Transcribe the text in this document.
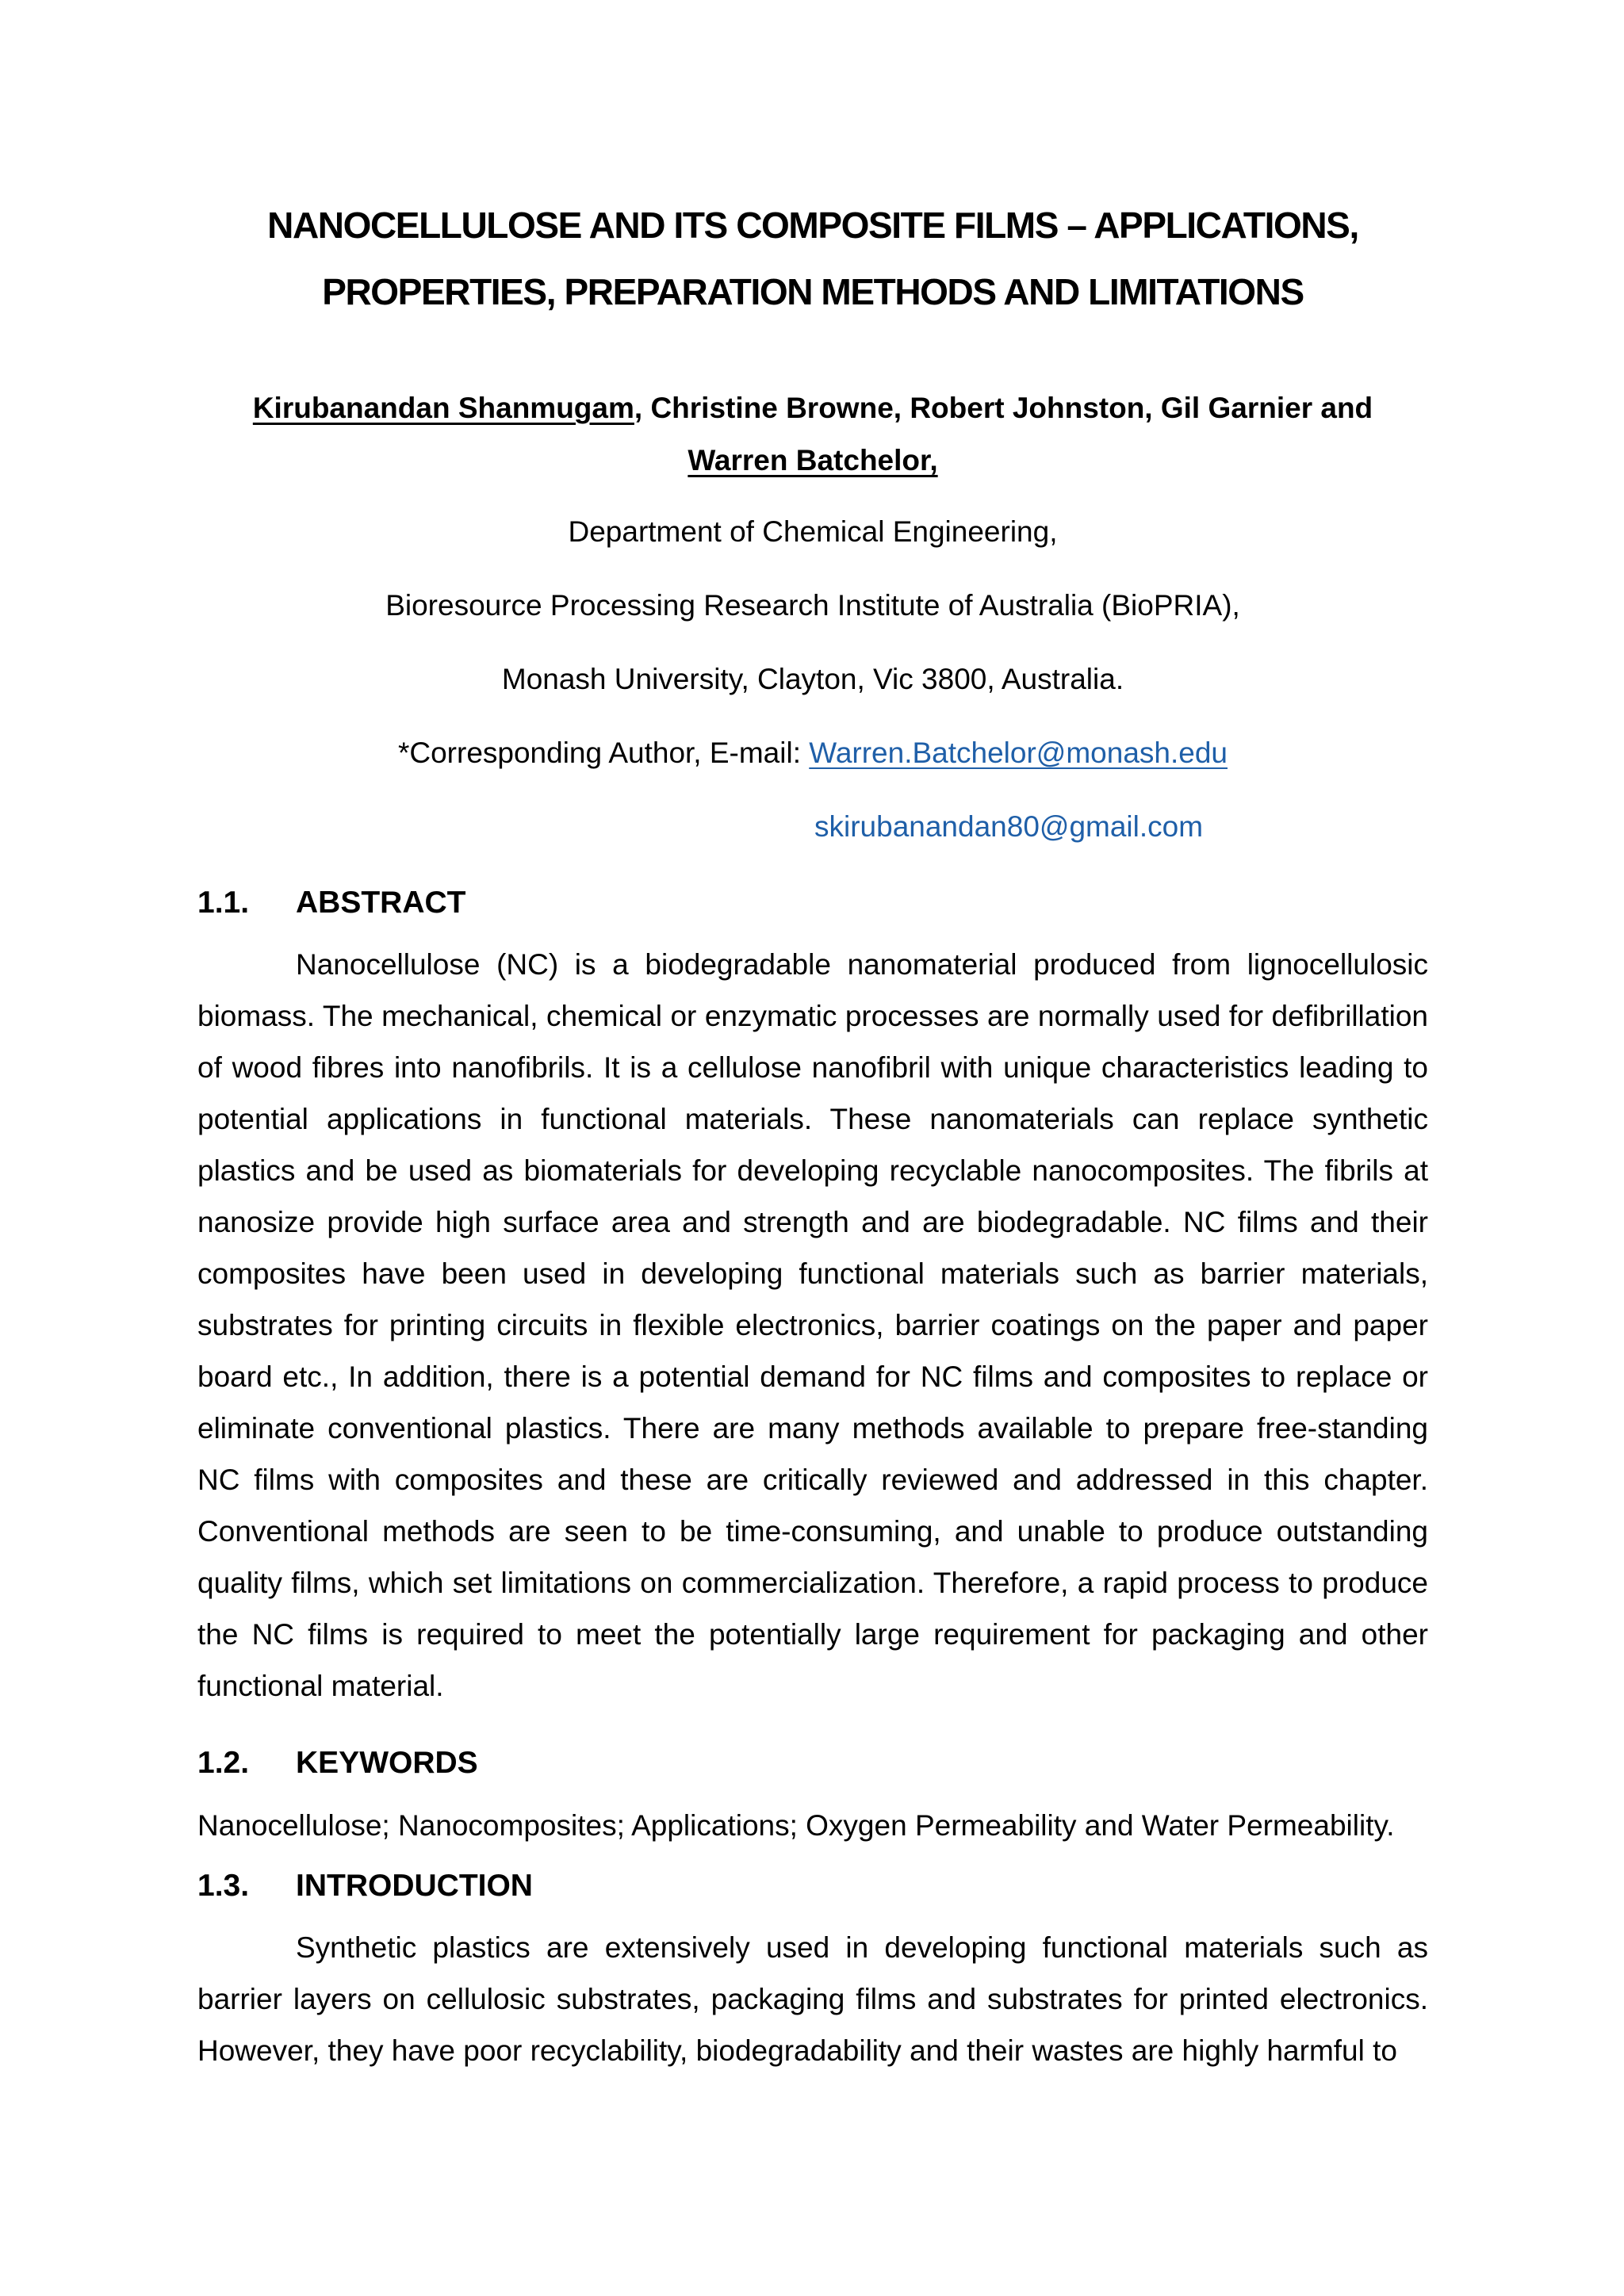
NANOCELLULOSE AND ITS COMPOSITE FILMS – APPLICATIONS,
PROPERTIES, PREPARATION METHODS AND LIMITATIONS
Kirubanandan Shanmugam, Christine Browne, Robert Johnston, Gil Garnier and
Warren Batchelor,
Department of Chemical Engineering,
Bioresource Processing Research Institute of Australia (BioPRIA),
Monash University, Clayton, Vic 3800, Australia.
*Corresponding Author, E-mail: Warren.Batchelor@monash.edu
skirubanandan80@gmail.com
1.1. ABSTRACT

Nanocellulose (NC) is a biodegradable nanomaterial produced from lignocellulosic biomass. The mechanical, chemical or enzymatic processes are normally used for defibrillation of wood fibres into nanofibrils. It is a cellulose nanofibril with unique characteristics leading to potential applications in functional materials. These nanomaterials can replace synthetic plastics and be used as biomaterials for developing recyclable nanocomposites. The fibrils at nanosize provide high surface area and strength and are biodegradable. NC films and their composites have been used in developing functional materials such as barrier materials, substrates for printing circuits in flexible electronics, barrier coatings on the paper and paper board etc., In addition, there is a potential demand for NC films and composites to replace or eliminate conventional plastics. There are many methods available to prepare free-standing NC films with composites and these are critically reviewed and addressed in this chapter. Conventional methods are seen to be time-consuming, and unable to produce outstanding quality films, which set limitations on commercialization. Therefore, a rapid process to produce the NC films is required to meet the potentially large requirement for packaging and other functional material.

1.2. KEYWORDS

Nanocellulose; Nanocomposites; Applications; Oxygen Permeability and Water Permeability.

1.3. INTRODUCTION

Synthetic plastics are extensively used in developing functional materials such as barrier layers on cellulosic substrates, packaging films and substrates for printed electronics. However, they have poor recyclability, biodegradability and their wastes are highly harmful to
